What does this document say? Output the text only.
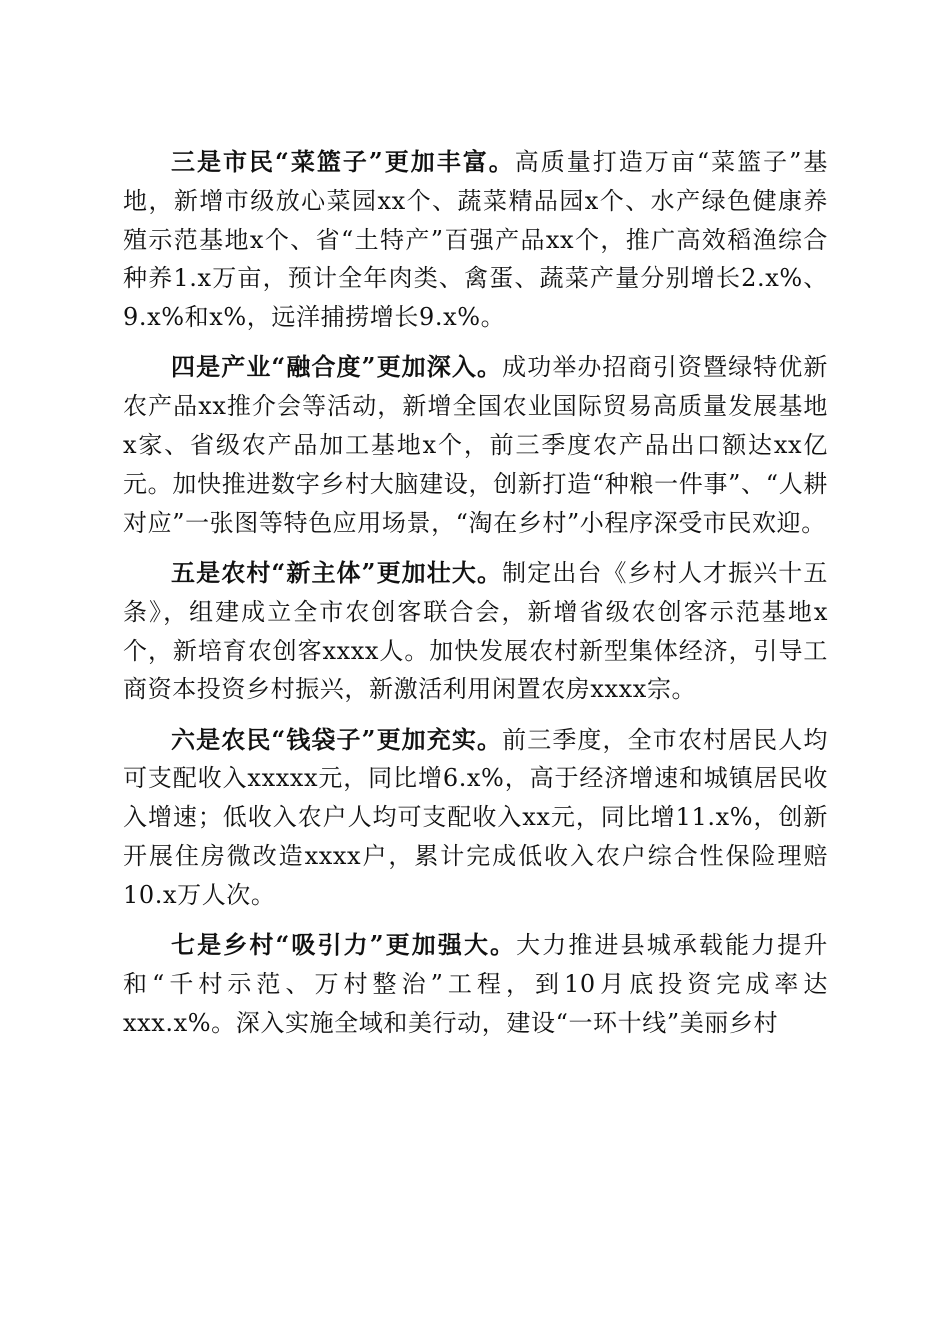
三是市民“菜篮子”更加丰富。高质量打造万亩“菜篮子”基地，新增市级放心菜园xx个、蔬菜精品园x个、水产绿色健康养殖示范基地x个、省“土特产”百强产品xx个，推广高效稻渔综合种养1.x万亩，预计全年肉类、禽蛋、蔬菜产量分别增长2.x%、9.x%和x%，远洋捕捞增长9.x%。

四是产业“融合度”更加深入。成功举办招商引资暨绿特优新农产品xx推介会等活动，新增全国农业国际贸易高质量发展基地x家、省级农产品加工基地x个，前三季度农产品出口额达xx亿元。加快推进数字乡村大脑建设，创新打造“种粮一件事”、“人耕对应”一张图等特色应用场景，“淘在乡村”小程序深受市民欢迎。

五是农村“新主体”更加壮大。制定出台《乡村人才振兴十五条》，组建成立全市农创客联合会，新增省级农创客示范基地x个，新培育农创客xxxx人。加快发展农村新型集体经济，引导工商资本投资乡村振兴，新激活利用闲置农房xxxx宗。

六是农民“钱袋子”更加充实。前三季度，全市农村居民人均可支配收入xxxxx元，同比增6.x%，高于经济增速和城镇居民收入增速；低收入农户人均可支配收入xx元，同比增11.x%，创新开展住房微改造xxxx户，累计完成低收入农户综合性保险理赔10.x万人次。

七是乡村“吸引力”更加强大。大力推进县城承载能力提升和“千村示范、万村整治”工程，到10月底投资完成率达xxx.x%。深入实施全域和美行动，建设“一环十线”美丽乡村
